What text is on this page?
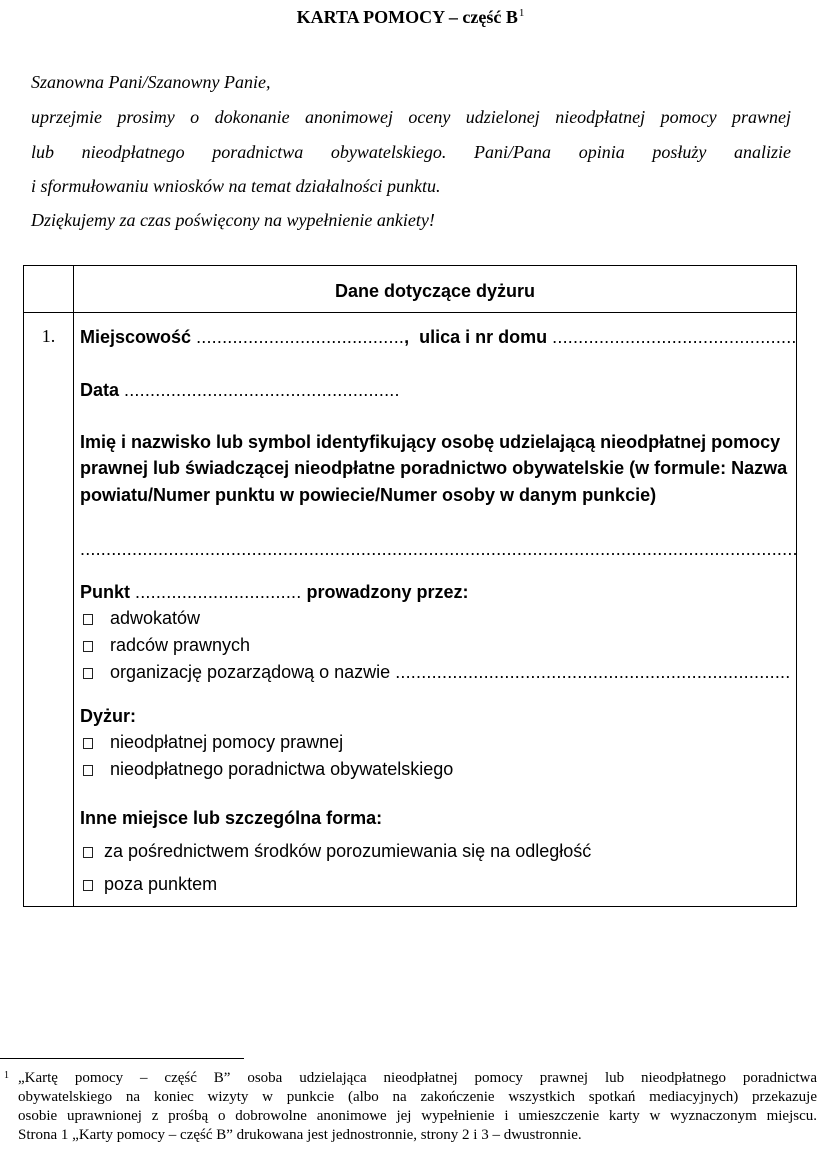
KARTA POMOCY – część $B^1$
Szanowna Pani/Szanowny Panie,
uprzejmie prosimy o dokonanie anonimowej oceny udzielonej nieodpłatnej pomocy prawnej
lub nieodpłatnego poradnictwa obywatelskiego. Pani/Pana opinia posłuży analizie
i sformułowaniu wniosków na temat działalności punktu.
Dziękujemy za czas poświęcony na wypełnienie ankiety!
Dane dotyczące dyżuru
1.	Miejscowość ........................................,  ulica i nr domu ...............................................
Data .....................................................
Imię i nazwisko lub symbol identyfikujący osobę udzielającą nieodpłatnej pomocy
prawnej lub świadczącej nieodpłatne poradnictwo obywatelskie (w formule: Nazwa
powiatu/Numer punktu w powiecie/Numer osoby w danym punkcie)
..........................................................................................................................................
Punkt ................................ prowadzony przez:
adwokatów
radców prawnych
organizację pozarządową o nazwie ............................................................................
Dyżur:
nieodpłatnej pomocy prawnej
nieodpłatnego poradnictwa obywatelskiego
Inne miejsce lub szczególna forma:
za pośrednictwem środków porozumiewania się na odległość
poza punktem
1 „Kartę pomocy – część B” osoba udzielająca nieodpłatnej pomocy prawnej lub nieodpłatnego poradnictwa
obywatelskiego na koniec wizyty w punkcie (albo na zakończenie wszystkich spotkań mediacyjnych) przekazuje
osobie uprawnionej z prośbą o dobrowolne anonimowe jej wypełnienie i umieszczenie karty w wyznaczonym miejscu.
Strona 1 „Karty pomocy – część B” drukowana jest jednostronnie, strony 2 i 3 – dwustronnie.
